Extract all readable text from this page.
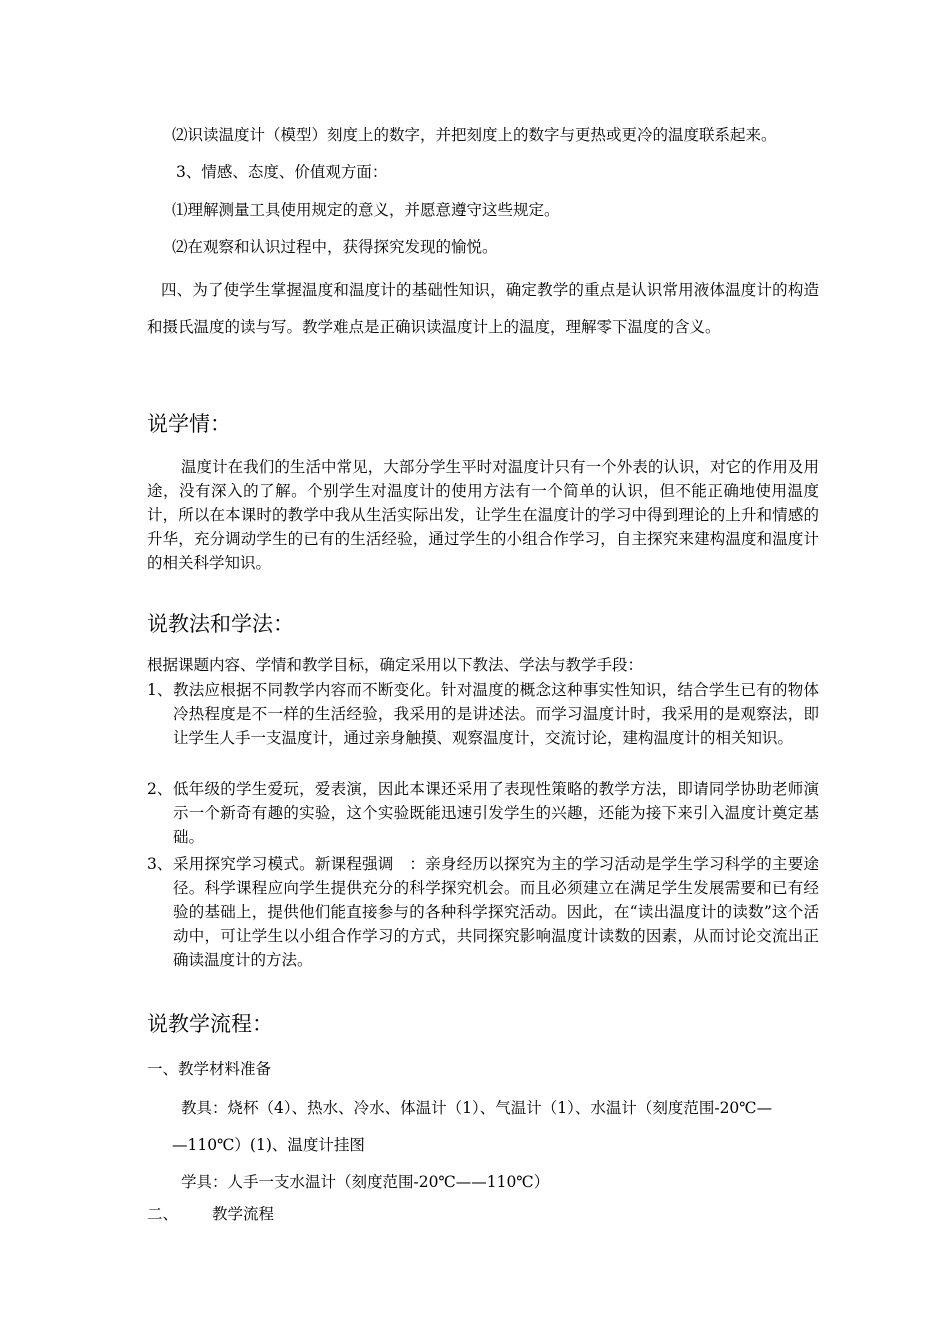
⑵识读温度计（模型）刻度上的数字，并把刻度上的数字与更热或更冷的温度联系起来。

3、情感、态度、价值观方面：

⑴理解测量工具使用规定的意义，并愿意遵守这些规定。

⑵在观察和认识过程中，获得探究发现的愉悦。

四、为了使学生掌握温度和温度计的基础性知识，确定教学的重点是认识常用液体温度计的构造和摄氏温度的读与写。教学难点是正确识读温度计上的温度，理解零下温度的含义。

说学情：

温度计在我们的生活中常见，大部分学生平时对温度计只有一个外表的认识，对它的作用及用途，没有深入的了解。个别学生对温度计的使用方法有一个简单的认识，但不能正确地使用温度计，所以在本课时的教学中我从生活实际出发，让学生在温度计的学习中得到理论的上升和情感的升华，充分调动学生的已有的生活经验，通过学生的小组合作学习，自主探究来建构温度和温度计的相关科学知识。

说教法和学法：

根据课题内容、学情和教学目标，确定采用以下教法、学法与教学手段：

1、 教法应根据不同教学内容而不断变化。针对温度的概念这种事实性知识，结合学生已有的物体冷热程度是不一样的生活经验，我采用的是讲述法。而学习温度计时，我采用的是观察法，即让学生人手一支温度计，通过亲身触摸、观察温度计，交流讨论，建构温度计的相关知识。
2、 低年级的学生爱玩，爱表演，因此本课还采用了表现性策略的教学方法，即请同学协助老师演示一个新奇有趣的实验，这个实验既能迅速引发学生的兴趣，还能为接下来引入温度计奠定基础。
3、 采用探究学习模式。新课程强调　：亲身经历以探究为主的学习活动是学生学习科学的主要途径。科学课程应向学生提供充分的科学探究机会。而且必须建立在满足学生发展需要和已有经验的基础上，提供他们能直接参与的各种科学探究活动。因此，在“读出温度计的读数”这个活动中，可让学生以小组合作学习的方式，共同探究影响温度计读数的因素，从而讨论交流出正确读温度计的方法。
说教学流程：

一、教学材料准备

教具：烧杯（4）、热水、冷水、体温计（1）、气温计（1）、水温计（刻度范围-20℃—

—110℃）(1)、温度计挂图

学具：人手一支水温计（刻度范围-20℃——110℃）

二、 教学流程
